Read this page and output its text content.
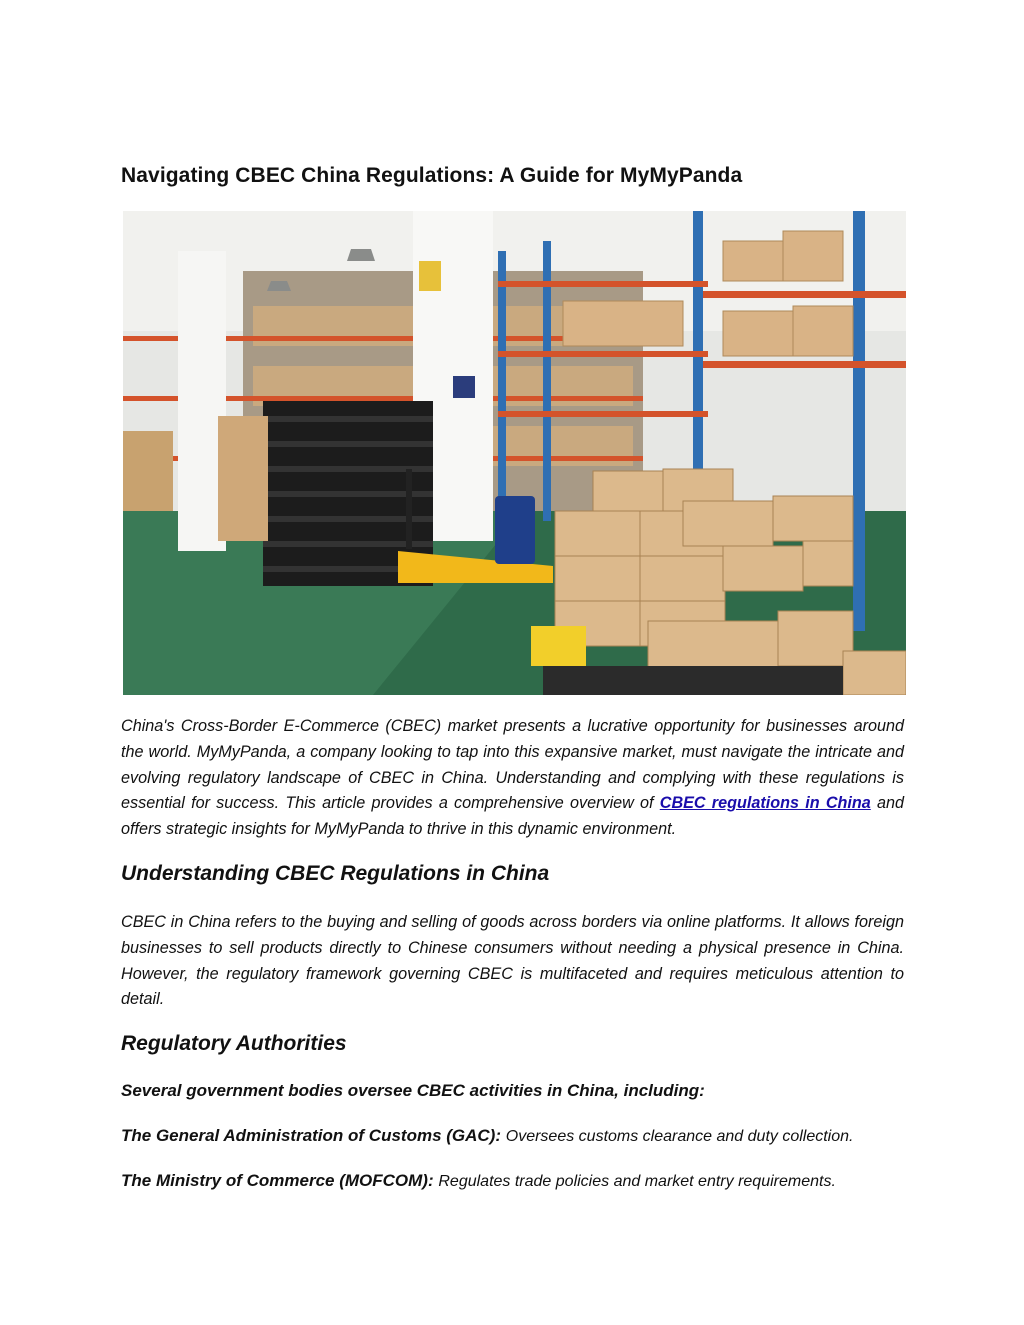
Navigating CBEC China Regulations: A Guide for MyMyPanda

China's Cross-Border E-Commerce (CBEC) market presents a lucrative opportunity for businesses around the world. MyMyPanda, a company looking to tap into this expansive market, must navigate the intricate and evolving regulatory landscape of CBEC in China. Understanding and complying with these regulations is essential for success. This article provides a comprehensive overview of CBEC regulations in China and offers strategic insights for MyMyPanda to thrive in this dynamic environment.

Understanding CBEC Regulations in China

CBEC in China refers to the buying and selling of goods across borders via online platforms. It allows foreign businesses to sell products directly to Chinese consumers without needing a physical presence in China. However, the regulatory framework governing CBEC is multifaceted and requires meticulous attention to detail.

Regulatory Authorities

Several government bodies oversee CBEC activities in China, including:

The General Administration of Customs (GAC): Oversees customs clearance and duty collection.

The Ministry of Commerce (MOFCOM): Regulates trade policies and market entry requirements.
